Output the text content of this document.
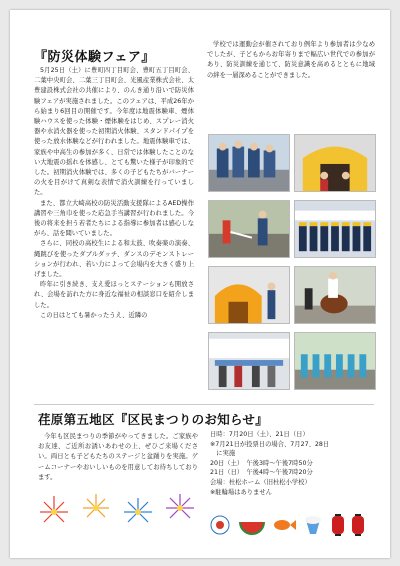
『防災体験フェア』

5月25日（土）に豊町四丁目町会、豊町五丁目町会、二葉中央町会、二葉三丁目町会、光風産業株式会社、太豊建設株式会社の共催により、のんき通り沿いで防災体験フェアが実施されました。このフェアは、平成26年から始まり6回目の開催です。今年度は地震体験車、煙体験ハウスを使った体験・煙体験をはじめ、スプレー消火器や水消火器を使った初期消火体験、スタンドパイプを使った放水体験などが行われました。地震体験車では、家族や中高生の参加が多く、日常では体験したことのない大地震の揺れを体感し、とても驚いた様子が印象的でした。初期消火体験では、多くの子どもたちがバーナーの火を目がけて真剣な表情で消火訓練を行っていました。

また、都立大崎高校の防災活動支援隊によるAED操作講習や三角巾を使った応急手当講習が行われました。今後の将来を担う若者たちによる指導に参加者は感心しながら、話を聞いていました。

さらに、同校の高校生による和太鼓、吹奏楽の演奏、縄跳びを使ったダブルダッチ、ダンスのデモンストレーションが行われ、若い力によって会場内を大きく盛り上げました。

昨年に引き続き、支え愛ほっとステーションも開放され、会場を訪れた方に身近な福祉の相談窓口を紹介しました。

この日はとても暑かったうえ、近隣の

学校では運動会が催されており例年より参加者は少なめでしたが、子どもからお年寄りまで幅広い世代での参加があり、防災訓練を通じて、防災意識を高めるとともに地域の絆を一層深めることができました。

荏原第五地区『区民まつりのお知らせ』

今年も区民まつりの季節がやってきました。ご家族やお友達、ご近所お誘いあわせの上、ぜひご来場ください。両日とも子どもたちのステージと盆踊りを実施。ゲームコーナーやおいしいものを用意してお待ちしております。

日時：7月20日（土）、21日（日）
※7月21日が投票日の場合、7月27、28日
　に実施
20日（土）　午後3時〜午後7時50分
21日（日）　午後4時〜午後7時20分
会場：杜松ホーム（旧杜松小学校）
※駐輪場はありません
